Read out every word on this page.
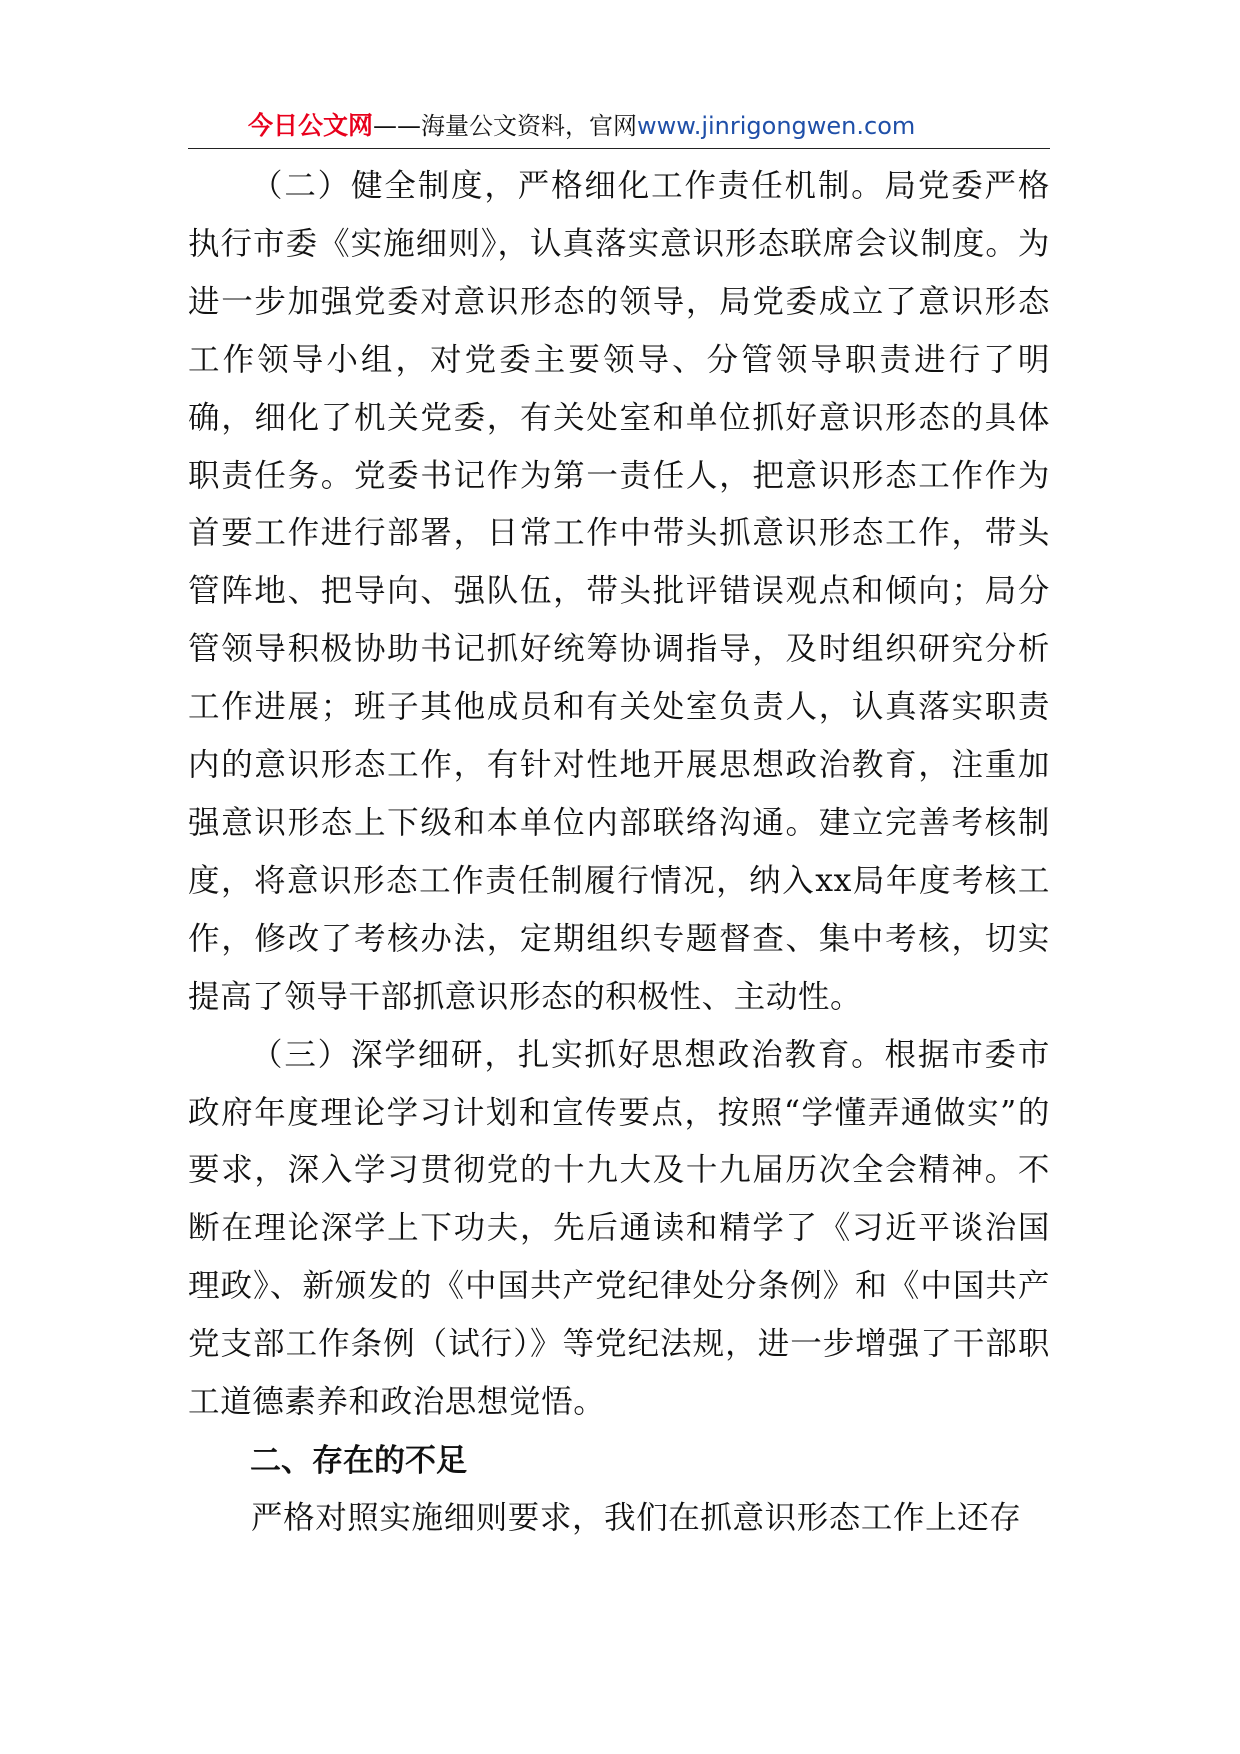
今日公文网——海量公文资料，官网www.jinrigongwen.com

（二）健全制度，严格细化工作责任机制。局党委严格执行市委《实施细则》，认真落实意识形态联席会议制度。为进一步加强党委对意识形态的领导，局党委成立了意识形态工作领导小组，对党委主要领导、分管领导职责进行了明确，细化了机关党委，有关处室和单位抓好意识形态的具体职责任务。党委书记作为第一责任人，把意识形态工作作为首要工作进行部署，日常工作中带头抓意识形态工作，带头管阵地、把导向、强队伍，带头批评错误观点和倾向；局分管领导积极协助书记抓好统筹协调指导，及时组织研究分析工作进展；班子其他成员和有关处室负责人，认真落实职责内的意识形态工作，有针对性地开展思想政治教育，注重加强意识形态上下级和本单位内部联络沟通。建立完善考核制度，将意识形态工作责任制履行情况，纳入xx局年度考核工作，修改了考核办法，定期组织专题督查、集中考核，切实提高了领导干部抓意识形态的积极性、主动性。

（三）深学细研，扎实抓好思想政治教育。根据市委市政府年度理论学习计划和宣传要点，按照“学懂弄通做实”的要求，深入学习贯彻党的十九大及十九届历次全会精神。不断在理论深学上下功夫，先后通读和精学了《习近平谈治国理政》、新颁发的《中国共产党纪律处分条例》和《中国共产党支部工作条例（试行）》等党纪法规，进一步增强了干部职工道德素养和政治思想觉悟。

二、存在的不足

严格对照实施细则要求，我们在抓意识形态工作上还存
